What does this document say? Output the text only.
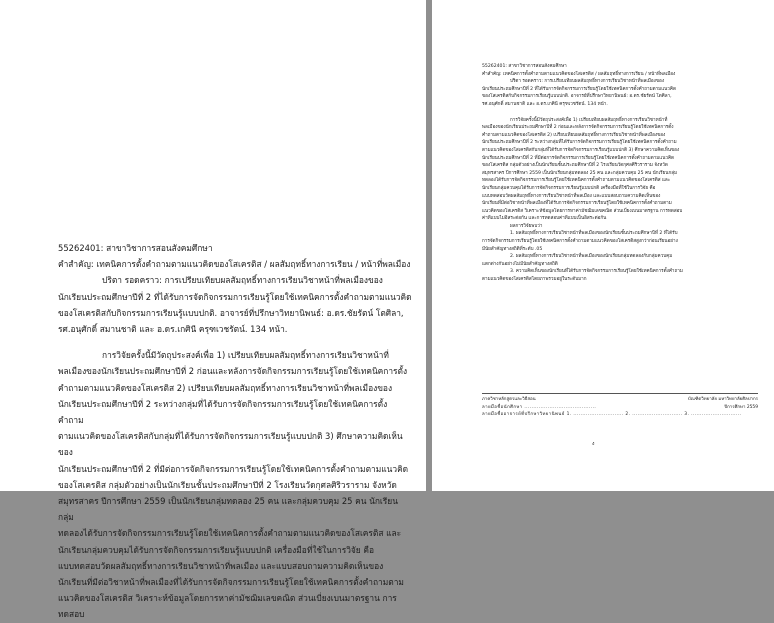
55262401: สาขาวิชาการสอนสังคมศึกษา

คำสำคัญ: เทคนิคการตั้งคำถามตามแนวคิดของโสเครติส / ผลสัมฤทธิ์ทางการเรียน / หน้าที่พลเมือง

ปริตา รอดคราว: การเปรียบเทียบผลสัมฤทธิ์ทางการเรียนวิชาหน้าที่พลเมืองของ

นักเรียนประถมศึกษาปีที่ 2 ที่ได้รับการจัดกิจกรรมการเรียนรู้โดยใช้เทคนิคการตั้งคำถามตามแนวคิด

ของโสเครติสกับกิจกรรมการเรียนรู้แบบปกติ. อาจารย์ที่ปรึกษาวิทยานิพนธ์: อ.ดร.ชัยรัตน์ โตศิลา,

รศ.อนุศักดิ์ สมานชาติ และ อ.ดร.เกศินี ครุฑเวชรัตน์. 134 หน้า.

การวิจัยครั้งนี้มีวัตถุประสงค์เพื่อ 1) เปรียบเทียบผลสัมฤทธิ์ทางการเรียนวิชาหน้าที่

พลเมืองของนักเรียนประถมศึกษาปีที่ 2 ก่อนและหลังการจัดกิจกรรมการเรียนรู้โดยใช้เทคนิคการตั้ง

คำถามตามแนวคิดของโสเครติส 2) เปรียบเทียบผลสัมฤทธิ์ทางการเรียนวิชาหน้าที่พลเมืองของ

นักเรียนประถมศึกษาปีที่ 2 ระหว่างกลุ่มที่ได้รับการจัดกิจกรรมการเรียนรู้โดยใช้เทคนิคการตั้งคำถาม

ตามแนวคิดของโสเครติสกับกลุ่มที่ได้รับการจัดกิจกรรมการเรียนรู้แบบปกติ 3) ศึกษาความคิดเห็นของ

นักเรียนประถมศึกษาปีที่ 2 ที่มีต่อการจัดกิจกรรมการเรียนรู้โดยใช้เทคนิคการตั้งคำถามตามแนวคิด

ของโสเครติส กลุ่มตัวอย่างเป็นนักเรียนชั้นประถมศึกษาปีที่ 2 โรงเรียนวัดกุศลศิริวราราม จังหวัด

สมุทรสาคร ปีการศึกษา 2559 เป็นนักเรียนกลุ่มทดลอง 25 คน และกลุ่มควบคุม 25 คน นักเรียนกลุ่ม

ทดลองได้รับการจัดกิจกรรมการเรียนรู้โดยใช้เทคนิคการตั้งคำถามตามแนวคิดของโสเครติส และ

นักเรียนกลุ่มควบคุมได้รับการจัดกิจกรรมการเรียนรู้แบบปกติ เครื่องมือที่ใช้ในการวิจัย คือ

แบบทดสอบวัดผลสัมฤทธิ์ทางการเรียนวิชาหน้าที่พลเมือง และแบบสอบถามความคิดเห็นของ

นักเรียนที่มีต่อวิชาหน้าที่พลเมืองที่ได้รับการจัดกิจกรรมการเรียนรู้โดยใช้เทคนิคการตั้งคำถามตาม

แนวคิดของโสเครติส วิเคราะห์ข้อมูลโดยการหาค่ามัชฌิมเลขคณิต ส่วนเบี่ยงเบนมาตรฐาน การทดสอบ

55262401: สาขาวิชาการสอนสังคมศึกษา

คำสำคัญ: เทคนิคการตั้งคำถามตามแนวคิดของโสเครติส / ผลสัมฤทธิ์ทางการเรียน / หน้าที่พลเมือง

ปริตา รอดคราว: การเปรียบเทียบผลสัมฤทธิ์ทางการเรียนวิชาหน้าที่พลเมืองของ

นักเรียนประถมศึกษาปีที่ 2 ที่ได้รับการจัดกิจกรรมการเรียนรู้โดยใช้เทคนิคการตั้งคำถามตามแนวคิด

ของโสเครติสกับกิจกรรมการเรียนรู้แบบปกติ. อาจารย์ที่ปรึกษาวิทยานิพนธ์: อ.ดร.ชัยรัตน์ โตศิลา,

รศ.อนุศักดิ์ สมานชาติ และ อ.ดร.เกศินี ครุฑเวชรัตน์. 134 หน้า.

การวิจัยครั้งนี้มีวัตถุประสงค์เพื่อ 1) เปรียบเทียบผลสัมฤทธิ์ทางการเรียนวิชาหน้าที่

พลเมืองของนักเรียนประถมศึกษาปีที่ 2 ก่อนและหลังการจัดกิจกรรมการเรียนรู้โดยใช้เทคนิคการตั้ง

คำถามตามแนวคิดของโสเครติส 2) เปรียบเทียบผลสัมฤทธิ์ทางการเรียนวิชาหน้าที่พลเมืองของ

นักเรียนประถมศึกษาปีที่ 2 ระหว่างกลุ่มที่ได้รับการจัดกิจกรรมการเรียนรู้โดยใช้เทคนิคการตั้งคำถาม

ตามแนวคิดของโสเครติสกับกลุ่มที่ได้รับการจัดกิจกรรมการเรียนรู้แบบปกติ 3) ศึกษาความคิดเห็นของ

นักเรียนประถมศึกษาปีที่ 2 ที่มีต่อการจัดกิจกรรมการเรียนรู้โดยใช้เทคนิคการตั้งคำถามตามแนวคิด

ของโสเครติส กลุ่มตัวอย่างเป็นนักเรียนชั้นประถมศึกษาปีที่ 2 โรงเรียนวัดกุศลศิริวราราม จังหวัด

สมุทรสาคร ปีการศึกษา 2559 เป็นนักเรียนกลุ่มทดลอง 25 คน และกลุ่มควบคุม 25 คน นักเรียนกลุ่ม

ทดลองได้รับการจัดกิจกรรมการเรียนรู้โดยใช้เทคนิคการตั้งคำถามตามแนวคิดของโสเครติส และ

นักเรียนกลุ่มควบคุมได้รับการจัดกิจกรรมการเรียนรู้แบบปกติ เครื่องมือที่ใช้ในการวิจัย คือ

แบบทดสอบวัดผลสัมฤทธิ์ทางการเรียนวิชาหน้าที่พลเมือง และแบบสอบถามความคิดเห็นของ

นักเรียนที่มีต่อวิชาหน้าที่พลเมืองที่ได้รับการจัดกิจกรรมการเรียนรู้โดยใช้เทคนิคการตั้งคำถามตาม

แนวคิดของโสเครติส วิเคราะห์ข้อมูลโดยการหาค่ามัชฌิมเลขคณิต ส่วนเบี่ยงเบนมาตรฐาน การทดสอบ

ค่าทีแบบไม่อิสระต่อกัน และการทดสอบค่าทีแบบเป็นอิสระต่อกัน

ผลการวิจัยพบว่า

1. ผลสัมฤทธิ์ทางการเรียนวิชาหน้าที่พลเมืองของนักเรียนชั้นประถมศึกษาปีที่ 2 ที่ได้รับ

การจัดกิจกรรมการเรียนรู้โดยใช้เทคนิคการตั้งคำถามตามแนวคิดของโสเครติสสูงกว่าก่อนเรียนอย่าง

มีนัยสำคัญทางสถิติที่ระดับ .05

2. ผลสัมฤทธิ์ทางการเรียนวิชาหน้าที่พลเมืองของนักเรียนกลุ่มทดลองกับกลุ่มควบคุม

แตกต่างกันอย่างไม่มีนัยสำคัญทางสถิติ

3. ความคิดเห็นของนักเรียนที่ได้รับการจัดกิจกรรมการเรียนรู้โดยใช้เทคนิคการตั้งคำถาม

ตามแนวคิดของโสเครติสโดยภาพรวมอยู่ในระดับมาก

ภาควิชาหลักสูตรและวิธีสอน	บัณฑิตวิทยาลัย มหาวิทยาลัยศิลปากร
ลายมือชื่อนักศึกษา ........................................	ปีการศึกษา 2559
ลายมือชื่ออาจารย์ที่ปรึกษาวิทยานิพนธ์ 1. ............................ 2. ............................ 3. ............................
ง
